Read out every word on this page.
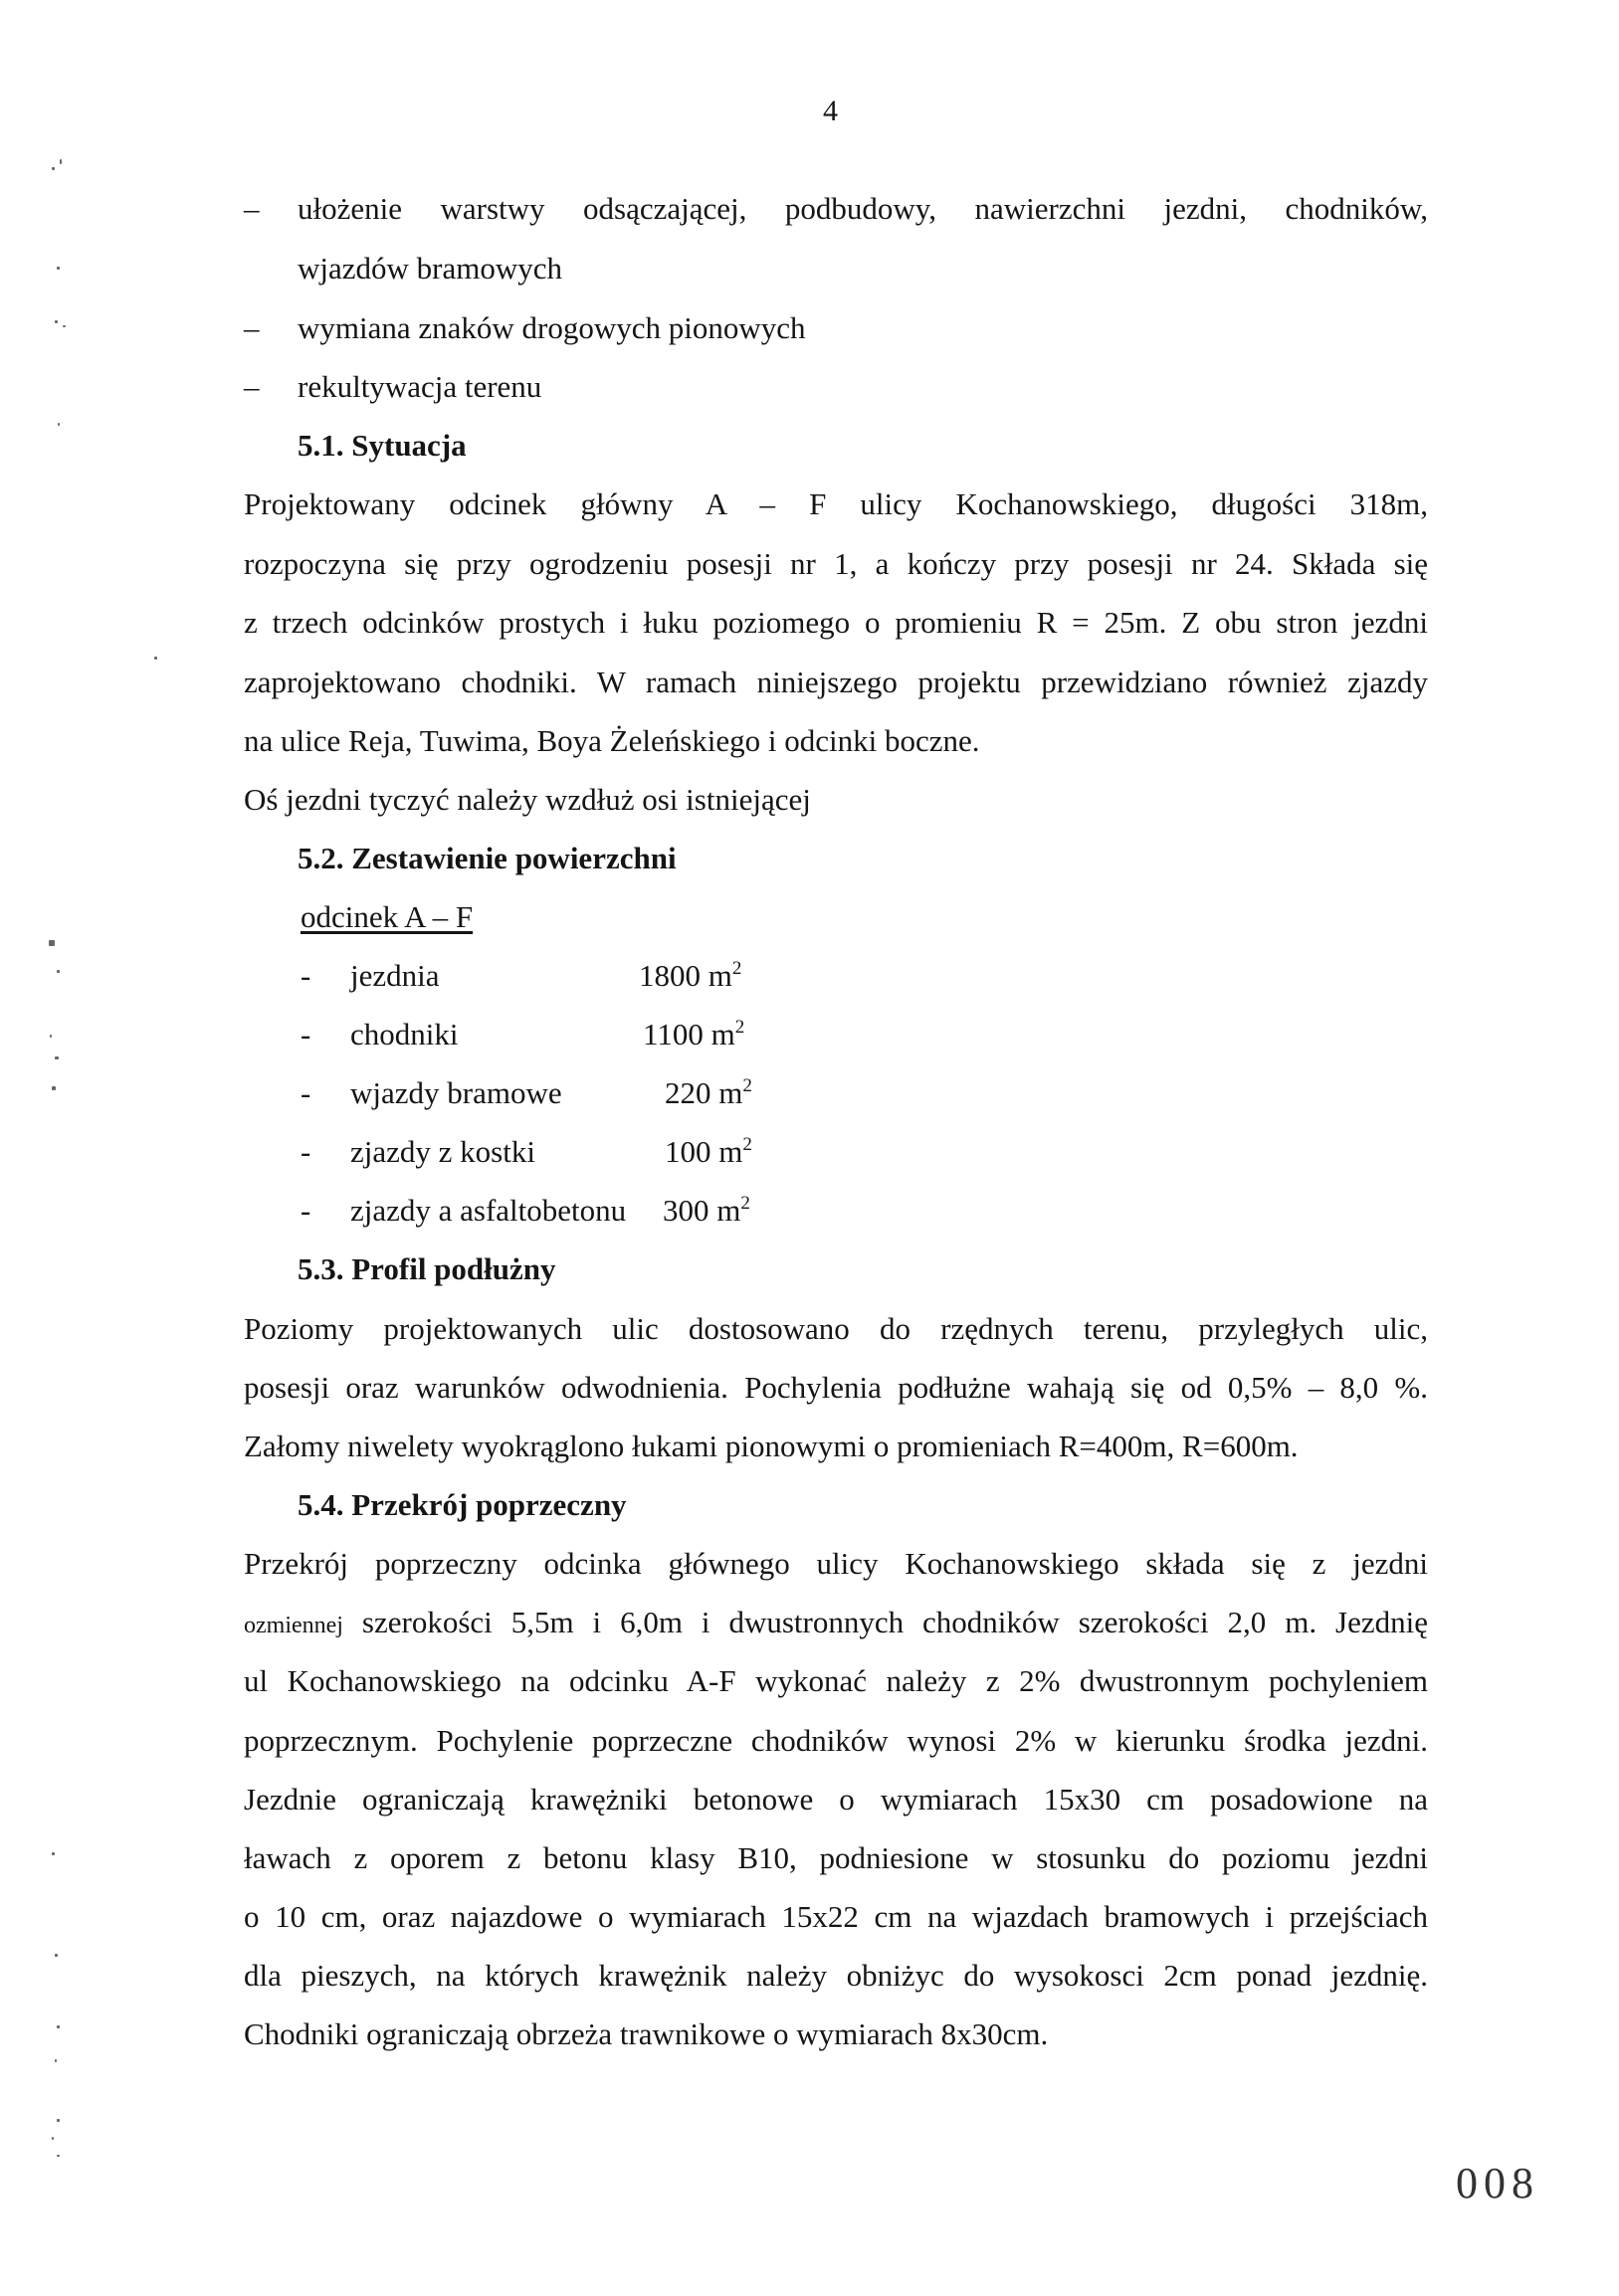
4
– ułożenie warstwy odsączającej, podbudowy, nawierzchni jezdni, chodników,
wjazdów bramowych
– wymiana znaków drogowych pionowych
– rekultywacja terenu
5.1. Sytuacja
Projektowany odcinek główny A – F ulicy Kochanowskiego, długości 318m,
rozpoczyna się przy ogrodzeniu posesji nr 1, a kończy przy posesji nr 24. Składa się
z trzech odcinków prostych i łuku poziomego o promieniu R = 25m. Z obu stron jezdni
zaprojektowano chodniki. W ramach niniejszego projektu przewidziano również zjazdy
na ulice Reja, Tuwima, Boya Żeleńskiego i odcinki boczne.
Oś jezdni tyczyć należy wzdłuż osi istniejącej
5.2. Zestawienie powierzchni
odcinek A – F
- jezdnia	1800 $m^2$
- chodniki	1100 $m^2$
- wjazdy bramowe	220 $m^2$
- zjazdy z kostki	100 $m^2$
- zjazdy a asfaltobetonu 300 $m^2$
5.3. Profil podłużny
Poziomy projektowanych ulic dostosowano do rzędnych terenu, przyległych ulic,
posesji oraz warunków odwodnienia. Pochylenia podłużne wahają się od 0,5% – 8,0 %.
Załomy niwelety wyokrąglono łukami pionowymi o promieniach R=400m, R=600m.
5.4. Przekrój poprzeczny
Przekrój poprzeczny odcinka głównego ulicy Kochanowskiego składa się z jezdni
ozmiennej szerokości 5,5m i 6,0m i dwustronnych chodników szerokości 2,0 m. Jezdnię
ul Kochanowskiego na odcinku A-F wykonać należy z 2% dwustronnym pochyleniem
poprzecznym. Pochylenie poprzeczne chodników wynosi 2% w kierunku środka jezdni.
Jezdnie ograniczają krawężniki betonowe o wymiarach 15x30 cm posadowione na
ławach z oporem z betonu klasy B10, podniesione w stosunku do poziomu jezdni
o 10 cm, oraz najazdowe o wymiarach 15x22 cm na wjazdach bramowych i przejściach
dla pieszych, na których krawężnik należy obniżyc do wysokosci 2cm ponad jezdnię.
Chodniki ograniczają obrzeża trawnikowe o wymiarach 8x30cm.
008
